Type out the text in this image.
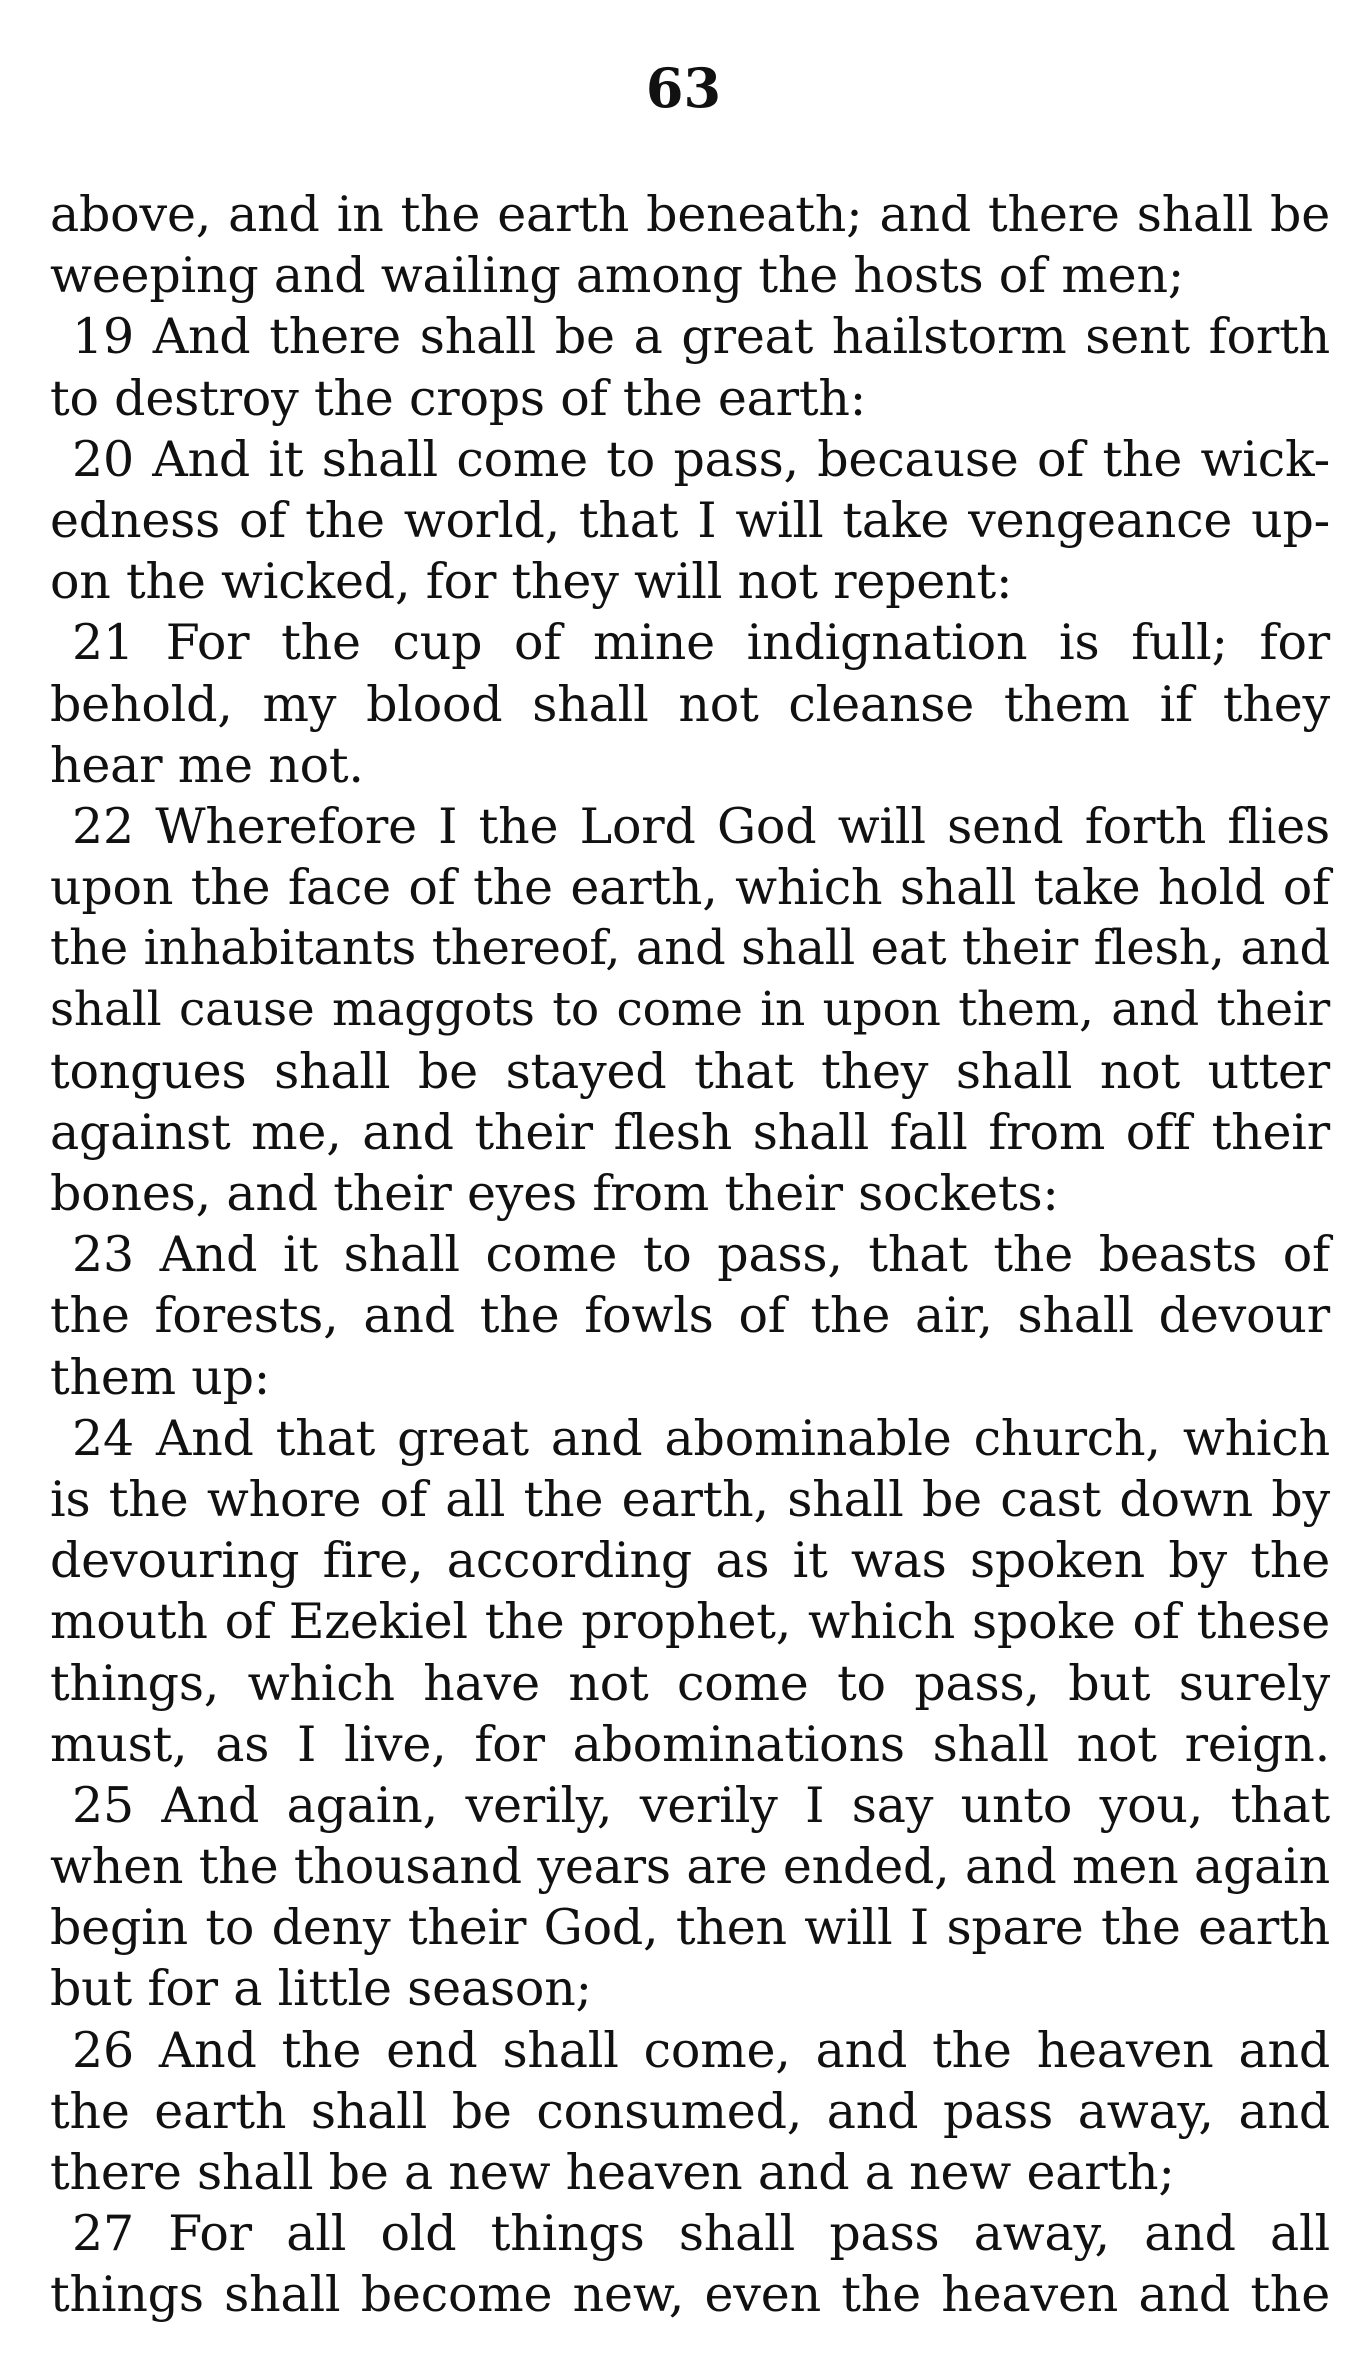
63
above, and in the earth beneath; and there shall be
weeping and wailing among the hosts of men;
19 And there shall be a great hailstorm sent forth
to destroy the crops of the earth:
20 And it shall come to pass, because of the wick-
edness of the world, that I will take vengeance up-
on the wicked, for they will not repent:
21 For the cup of mine indignation is full; for
behold, my blood shall not cleanse them if they
hear me not.
22 Wherefore I the Lord God will send forth flies
upon the face of the earth, which shall take hold of
the inhabitants thereof, and shall eat their flesh, and
shall cause maggots to come in upon them, and their
tongues shall be stayed that they shall not utter
against me, and their flesh shall fall from off their
bones, and their eyes from their sockets:
23 And it shall come to pass, that the beasts of
the forests, and the fowls of the air, shall devour
them up:
24 And that great and abominable church, which
is the whore of all the earth, shall be cast down by
devouring fire, according as it was spoken by the
mouth of Ezekiel the prophet, which spoke of these
things, which have not come to pass, but surely
must, as I live, for abominations shall not reign.
25 And again, verily, verily I say unto you, that
when the thousand years are ended, and men again
begin to deny their God, then will I spare the earth
but for a little season;
26 And the end shall come, and the heaven and
the earth shall be consumed, and pass away, and
there shall be a new heaven and a new earth;
27 For all old things shall pass away, and all
things shall become new, even the heaven and the
